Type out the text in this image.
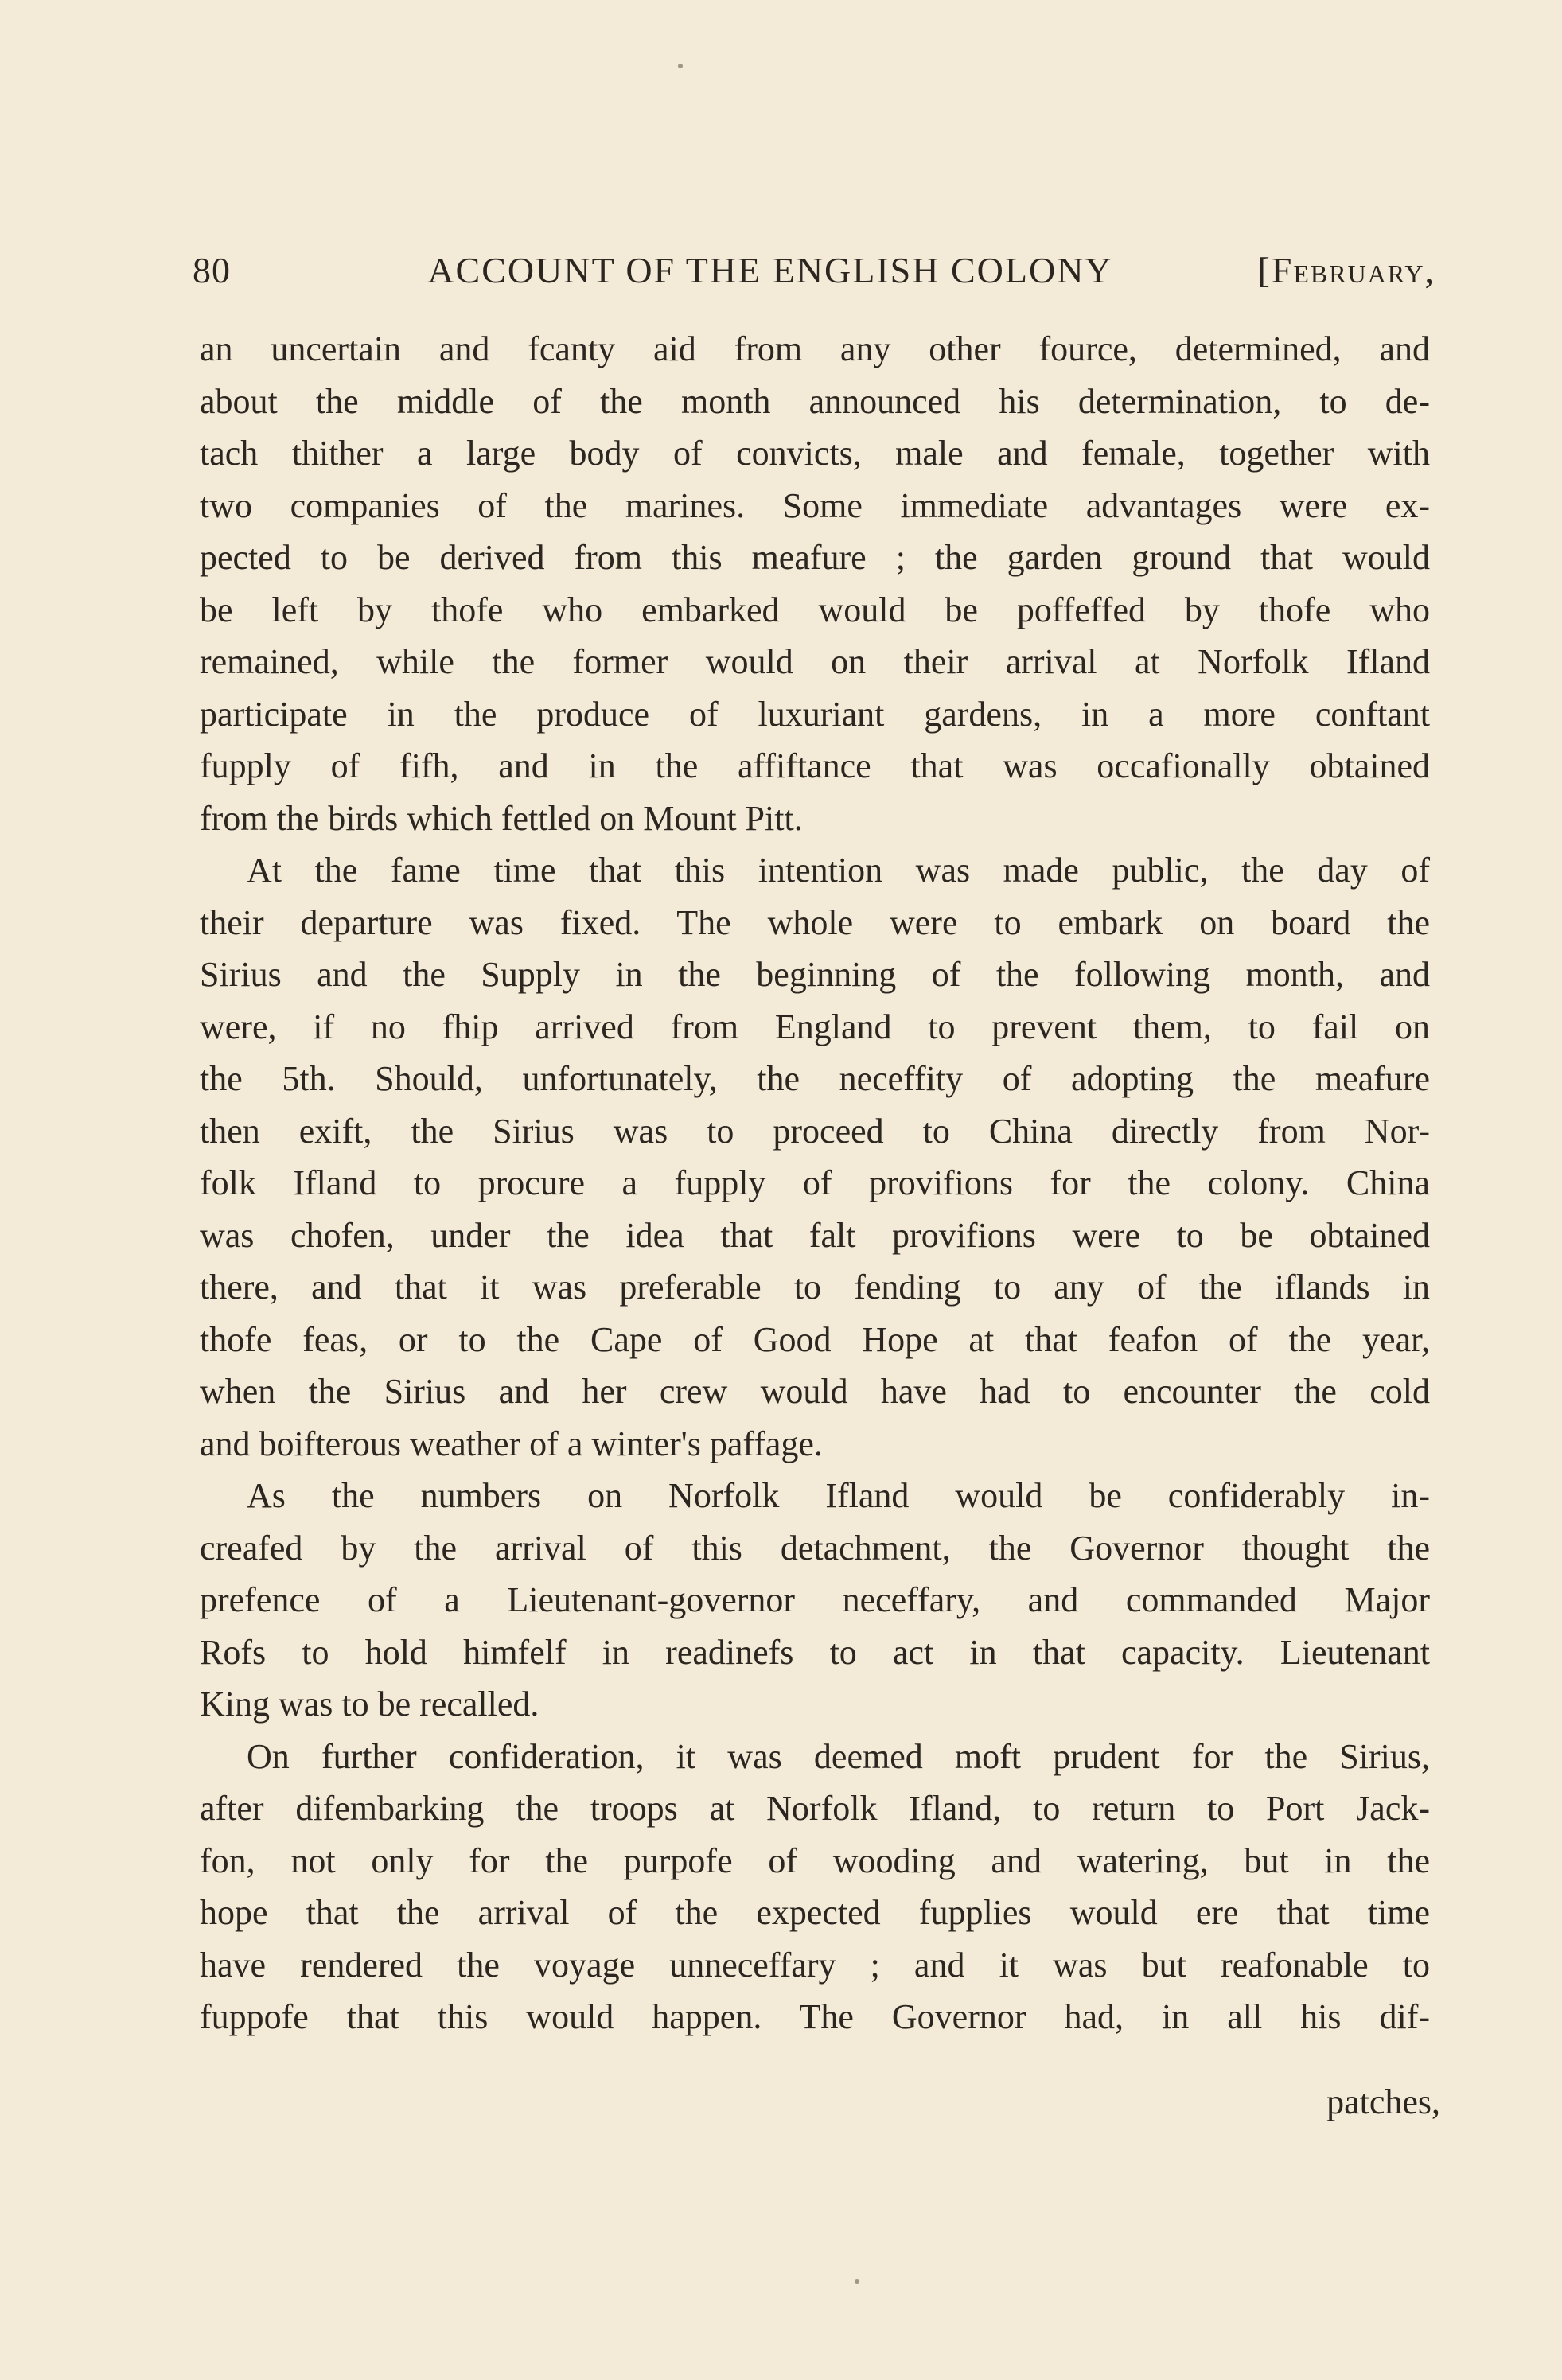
80	ACCOUNT OF THE ENGLISH COLONY	[February,
an uncertain and fcanty aid from any other fource, determined, and
about the middle of the month announced his determination, to de-
tach thither a large body of convicts, male and female, together with
two companies of the marines. Some immediate advantages were ex-
pected to be derived from this meafure ; the garden ground that would
be left by thofe who embarked would be poffeffed by thofe who
remained, while the former would on their arrival at Norfolk Ifland
participate in the produce of luxuriant gardens, in a more conftant
fupply of fifh, and in the affiftance that was occafionally obtained
from the birds which fettled on Mount Pitt.
At the fame time that this intention was made public, the day of
their departure was fixed. The whole were to embark on board the
Sirius and the Supply in the beginning of the following month, and
were, if no fhip arrived from England to prevent them, to fail on
the 5th. Should, unfortunately, the neceffity of adopting the meafure
then exift, the Sirius was to proceed to China directly from Nor-
folk Ifland to procure a fupply of provifions for the colony. China
was chofen, under the idea that falt provifions were to be obtained
there, and that it was preferable to fending to any of the iflands in
thofe feas, or to the Cape of Good Hope at that feafon of the year,
when the Sirius and her crew would have had to encounter the cold
and boifterous weather of a winter's paffage.
As the numbers on Norfolk Ifland would be confiderably in-
creafed by the arrival of this detachment, the Governor thought the
prefence of a Lieutenant-governor neceffary, and commanded Major
Rofs to hold himfelf in readinefs to act in that capacity. Lieutenant
King was to be recalled.
On further confideration, it was deemed moft prudent for the Sirius,
after difembarking the troops at Norfolk Ifland, to return to Port Jack-
fon, not only for the purpofe of wooding and watering, but in the
hope that the arrival of the expected fupplies would ere that time
have rendered the voyage unneceffary ; and it was but reafonable to
fuppofe that this would happen. The Governor had, in all his dif-
patches,
